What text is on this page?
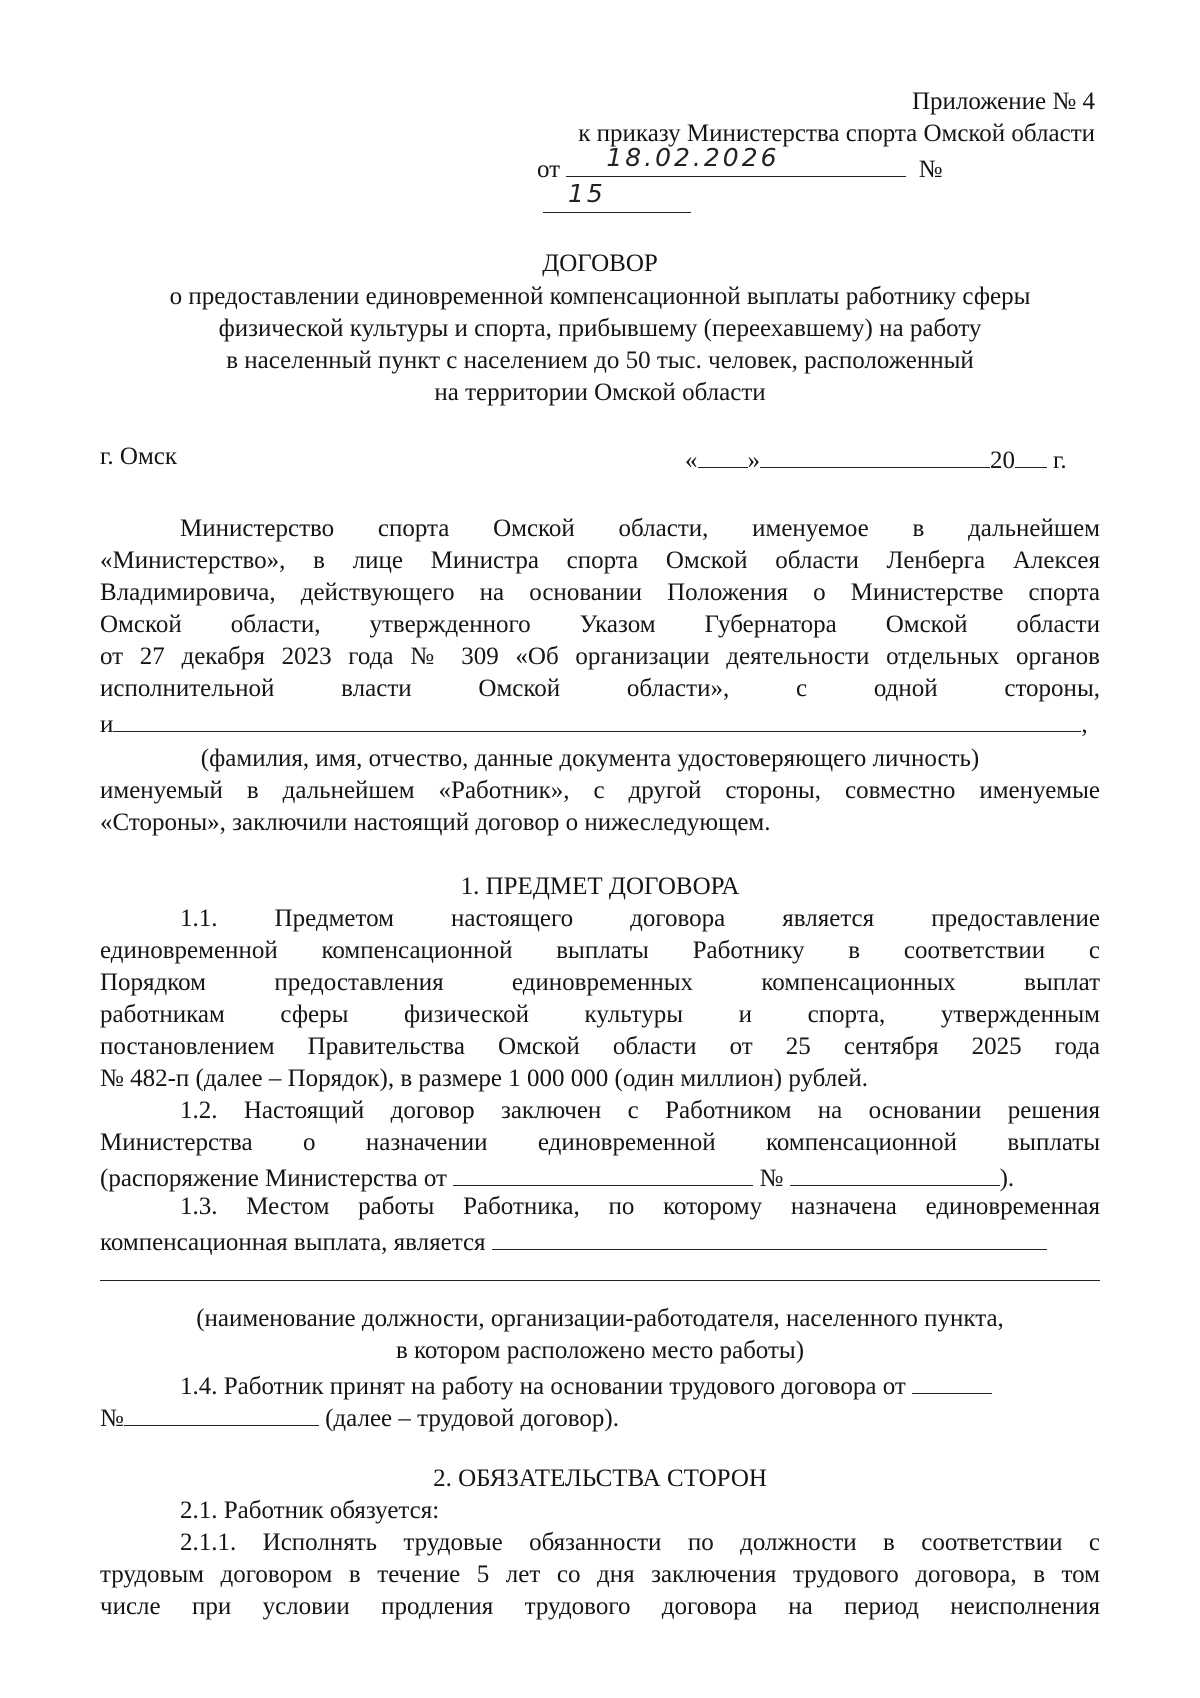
Приложение № 4
к приказу Министерства спорта Омской области
от 18.02.2026	№
15
ДОГОВОР
о предоставлении единовременной компенсационной выплаты работнику сферы
физической культуры и спорта, прибывшему (переехавшему) на работу
в населенный пункт с населением до 50 тыс. человек, расположенный
на территории Омской области
г. Омск	« »	20 г.
Министерство спорта Омской области, именуемое в дальнейшем
«Министерство», в лице Министра спорта Омской области Ленберга Алексея
Владимировича, действующего на основании Положения о Министерстве спорта
Омской области, утвержденного Указом Губернатора Омской области
от 27 декабря 2023 года № 309 «Об организации деятельности отдельных органов
исполнительной власти Омской области», с одной стороны,
и	,
(фамилия, имя, отчество, данные документа удостоверяющего личность)
именуемый в дальнейшем «Работник», с другой стороны, совместно именуемые
«Стороны», заключили настоящий договор о нижеследующем.
1. ПРЕДМЕТ ДОГОВОРА
1.1. Предметом настоящего договора является предоставление
единовременной компенсационной выплаты Работнику в соответствии с
Порядком предоставления единовременных компенсационных выплат
работникам сферы физической культуры и спорта, утвержденным
постановлением Правительства Омской области от 25 сентября 2025 года
№ 482-п (далее – Порядок), в размере 1 000 000 (один миллион) рублей.
1.2. Настоящий договор заключен с Работником на основании решения
Министерства о назначении единовременной компенсационной выплаты
(распоряжение Министерства от	№	).
1.3. Местом работы Работника, по которому назначена единовременная
компенсационная выплата, является
(наименование должности, организации-работодателя, населенного пункта,
в котором расположено место работы)
1.4. Работник принят на работу на основании трудового договора от
№	(далее – трудовой договор).
2. ОБЯЗАТЕЛЬСТВА СТОРОН
2.1. Работник обязуется:
2.1.1. Исполнять трудовые обязанности по должности в соответствии с
трудовым договором в течение 5 лет со дня заключения трудового договора, в том
числе при условии продления трудового договора на период неисполнения
